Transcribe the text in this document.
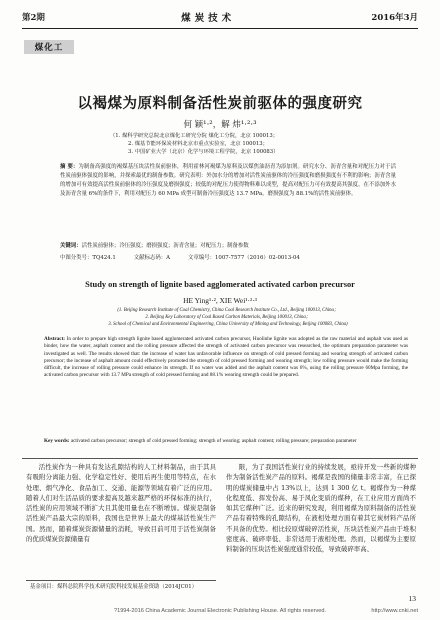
第2期	煤炭技术	2016年3月
煤化工
以褐煤为原料制备活性炭前驱体的强度研究
何 颖¹·²，解 炜¹·²·³
（1. 煤科学研究总院北京煤化工研究分院 煤化工分院，北京 100013；
2. 煤基节能环保炭材料北京市重点实验室，北京 100013；
3. 中国矿业大学（北京）化学与环境工程学院，北京 100083）
摘 要：为制备高强度的褐煤基压块活性炭前驱体，利用霍林河褐煤为原料及以煤焦油沥青为添加剂。研究水分、沥青含量和对配压力对于活性炭前驱体强度的影响，并探索最优的制备参数。研究表明：外加水分的增加对活性炭前驱体的冷压强度和磨损强度有不利的影响；沥青含量的增加可有效提高活性炭前驱体的冷压强度及磨损强度；较低的对配压力使得物料难以成型，提高对配压力可有效提高其强度。在不添加外水及沥青含量 6%的条件下，利用对配压力 60 MPa 成型可制备冷压强度达 13.7 MPa，磨损强度为 88.1%的活性炭前驱体。
关键词：活性炭前驱体；冷压强度；磨损强度；沥青含量；对配压力；制备参数
中图分类号：TQ424.1	文献标志码：A	文章编号：1007-7577（2016）02-0013-04
Study on strength of lignite based agglomerated activated carbon precursor
HE Ying¹·², XIE Wei¹·²·³
(1. Beijing Research Institute of Coal Chemistry, China Coal Research Institute Co., Ltd., Beijing 100013, China；
2. Beijing Key Laboratory of Coal Based Carbon Materials, Beijing 100013, China；
3. School of Chemical and Environmental Engineering, China University of Mining and Technology, Beijing 100083, China)
Abstract: In order to prepare high strength lignite based agglomerated activated carbon precursor, Huolinhe lignite was adopted as the raw material and asphalt was used as binder, how the water, asphalt content and the rolling pressure affected the strength of activated carbon precursor was researched, the optimum preparation parameter was investigated as well. The results showed that: the increase of water has unfavorable influence on strength of cold pressed forming and wearing strength of activated carbon precursor; the increase of asphalt amount could effectively promoted the strength of cold pressed forming and wearing strength; low rolling pressure would make the forming difficult, the increase of rolling pressure could enhance its strength. If no water was added and the asphalt content was 6%, using the rolling pressure 60Mpa forming, the activated carbon precursor with 13.7 MPa strength of cold pressed forming and 88.1% wearing strength could be prepared.
Key words: activated carbon precursor; strength of cold pressed forming; strength of wearing; asphalt content; rolling pressure; preparation parameter
活性炭作为一种具有发达孔隙结构的人工材料制品，由于其具有吸附分离能力强、化学稳定性好、使用后再生使用等特点，在水处理、烟气净化、食品加工、交通、能源等领域有着广泛的应用。随着人们对生活品质的要求提高及越来越严格的环保标准的执行，活性炭的应用领域不断扩大且其使用量也在不断增加。煤炭是制备活性炭产品最大宗的原料，我国也是世界上最大的煤基活性炭生产国。然而，随着煤炭资源储量的消耗，导致目前可用于活性炭制备的优质煤炭资源储量有
限，为了我国活性炭行业的持续发展，亟待开发一些新的煤种作为制备活性炭产品的原料。褐煤是我国的储量非常丰富，在已探明的煤炭储量中占 13%以上，达到 1 300 亿 t。褐煤作为一种煤化程度低、挥发份高、易于风化变质的煤种，在工业应用方面尚不如其它煤种广泛。近来的研究发现，利用褐煤为原料制备的活性炭产品有着特殊的孔隙结构，在液相处理方面有着其它炭材料产品所不具备的优势。相比较原煤破碎活性炭，压块活性炭产品由于堆积密度高、破碎率低、非常适用于液相处理。然而，以褐煤为主要原料制备的压块活性炭强度通常较低，导致破碎率高、
基金项目：煤科总院科学技术研究院科技发展基金资助（2014JC01）
13
?1994-2016 China Academic Journal Electronic Publishing House. All rights reserved.	http://www.cnki.net
